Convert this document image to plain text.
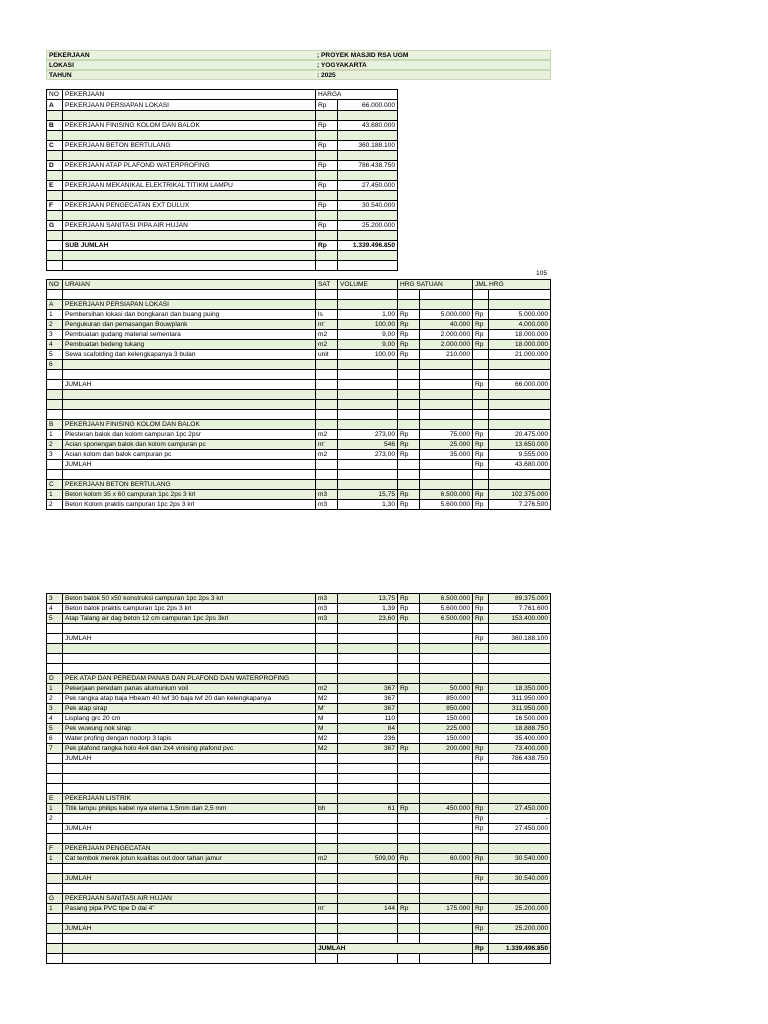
PEKERJAAN	; PROYEK MASJID RSA UGM
LOKASI	; YOGYAKARTA
TAHUN	: 2025
NO	PEKERJAAN	HARGA	
A	PEKERJAAN PERSIAPAN LOKASI	Rp	66.000.000

B	PEKERJAAN FINISING KOLOM DAN BALOK	Rp	43.680.000

C	PEKERJAAN BETON BERTULANG	Rp	360.188.100

D	PEKERJAAN ATAP PLAFOND WATERPROFING	Rp	786.438.750

E	PEKERJAAN MEKANIKAL ELEKTRIKAL TITIKM LAMPU	Rp	27.450.000

F	PEKERJAAN PENGECATAN EXT DULUX	Rp	30.540.000

G	PEKERJAAN SANITASI PIPA AIR HUJAN	Rp	25.200.000

	SUB JUMLAH	Rp	1.339.496.850

105
NO	URAIAN	SAT	VOLUME	HRG SATUAN		JML HRG	

A	PEKERJAAN PERSIAPAN LOKASI						
1	Pembersihan lokasi dan bongkaran dan buang puing	ls	1,00	Rp	5.000.000	Rp	5.000.000
2	Pengukuran dan pemasangan Bouwplank	m'	100,00	Rp	40.000	Rp	4.000.000
3	Pembuatan gudang material sementara	m2	9,00	Rp	2.000.000	Rp	18.000.000
4	Pembuatan bedeng tukang	m2	9,00	Rp	2.000.000	Rp	18.000.000
5	Sewa scafolding dan kelengkapanya 3 bulan	unit	100,00	Rp	210.000		21.000.000
6							

	JUMLAH					Rp	66.000.000

B	PEKERJAAN FINISING KOLOM DAN BALOK						
1	Plesteran balok dan kolom campuran 1pc 2psr	m2	273,00	Rp	75.000	Rp	20.475.000
2	Acian sponengan balok dan kolom campuran pc	m'	546	Rp	25.000	Rp	13.650.000
3	Acian kolom dan balok campuran pc	m2	273,00	Rp	35.000	Rp	9.555.000
	JUMLAH					Rp	43.680.000

C	PEKERJAAN BETON BERTULANG						
1	Beton kolom 35 x 60 campuran 1pc 2ps 3 krl	m3	15,75	Rp	6.500.000	Rp	102.375.000
2	Beton Kolom praktis campuran 1pc 2ps 3 krl	m3	1,30	Rp	5.600.000	Rp	7.276.500
3	Beton balok 50 x50 konstruksi campuran 1pc 2ps 3 krl	m3	13,75	Rp	6.500.000	Rp	89.375.000
4	Beton balok praktis campuran 1pc 2ps 3 krl	m3	1,39	Rp	5.600.000	Rp	7.761.600
5	Atap Talang air dag beton 12 cm campuran 1pc 2ps 3krl	m3	23,60	Rp	6.500.000	Rp	153.400.000

	JUMLAH					Rp	360.188.100

D	PEK ATAP DAN PEREDAM PANAS DAN PLAFOND DAN WATERPROFING						
1	Pekerjaan peredam panas alumunium voil	m2	367	Rp	50.000	Rp	18.350.000
2	Pek rangka atap baja Hbeam 40 lwf 30 baja lwf 20 dan kelengkapanya	M2	367		850.000		311.950.000
3	Pek atap sirap	M'	367		850.000		311.950.000
4	Lisplang grc 20 cm	M	110		150.000		16.500.000
5	Pek wuwung nok sirap	M	84		225.000		18.888.750
6	Water profing dengan nodorp 3 lapis	M2	236		150.000		35.400.000
7	Pek plafond rangka holo 4x4 dan 2x4 vinising plafond pvc	M2	367	Rp	200.000	Rp	73.400.000
	JUMLAH					Rp	786.438.750

E	PEKERJAAN LISTRIK						
1	Titik lampu philips kabel nya eterna 1,5mm dan 2,5 mm	bh	61	Rp	450.000	Rp	27.450.000
2						Rp	-
	JUMLAH					Rp	27.450.000

F	PEKERJAAN PENGECATAN						
1	Cat tembok merek jotun kualitas out door tahan jamur	m2	509,00	Rp	60.000	Rp	30.540.000

	JUMLAH					Rp	30.540.000

G	PEKERJAAN SANITASI AIR HUJAN						
1	Pasang pipa PVC tipe D dai 4"	m'	144	Rp	175.000	Rp	25.200.000

	JUMLAH					Rp	25.200.000

		JUMLAH				Rp	1.339.496.850
